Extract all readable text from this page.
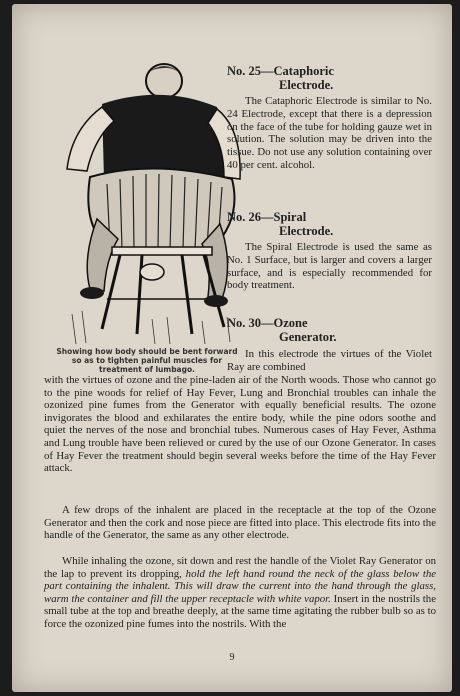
Showing how body should be bent forward so as to tighten painful muscles for treatment of lumbago.
No. 25—Cataphoric
Electrode.

The Cataphoric Electrode is similar to No. 24 Electrode, except that there is a depression on the face of the tube for holding gauze wet in solution. The solution may be driven into the tissue. Do not use any solution containing over 40 per cent. alcohol.

No. 26—Spiral
Electrode.

The Spiral Electrode is used the same as No. 1 Surface, but is larger and covers a larger surface, and is especially recommended for body treatment.

No. 30—Ozone
Generator.

In this electrode the virtues of the Violet Ray are combined

with the virtues of ozone and the pine-laden air of the North woods. Those who cannot go to the pine woods for relief of Hay Fever, Lung and Bronchial troubles can inhale the ozonized pine fumes from the Generator with equally beneficial results. The ozone invigorates the blood and exhilarates the entire body, while the pine odors soothe and quiet the nerves of the nose and bronchial tubes. Numerous cases of Hay Fever, Asthma and Lung trouble have been relieved or cured by the use of our Ozone Generator. In cases of Hay Fever the treatment should begin several weeks before the time of the Hay Fever attack.

A few drops of the inhalent are placed in the receptacle at the top of the Ozone Generator and then the cork and nose piece are fitted into place. This electrode fits into the handle of the Generator, the same as any other electrode.

While inhaling the ozone, sit down and rest the handle of the Violet Ray Generator on the lap to prevent its dropping, hold the left hand round the neck of the glass below the part containing the inhalent. This will draw the current into the hand through the glass, warm the container and fill the upper receptacle with white vapor. Insert in the nostrils the small tube at the top and breathe deeply, at the same time agitating the rubber bulb so as to force the ozonized pine fumes into the nostrils. With the

9
